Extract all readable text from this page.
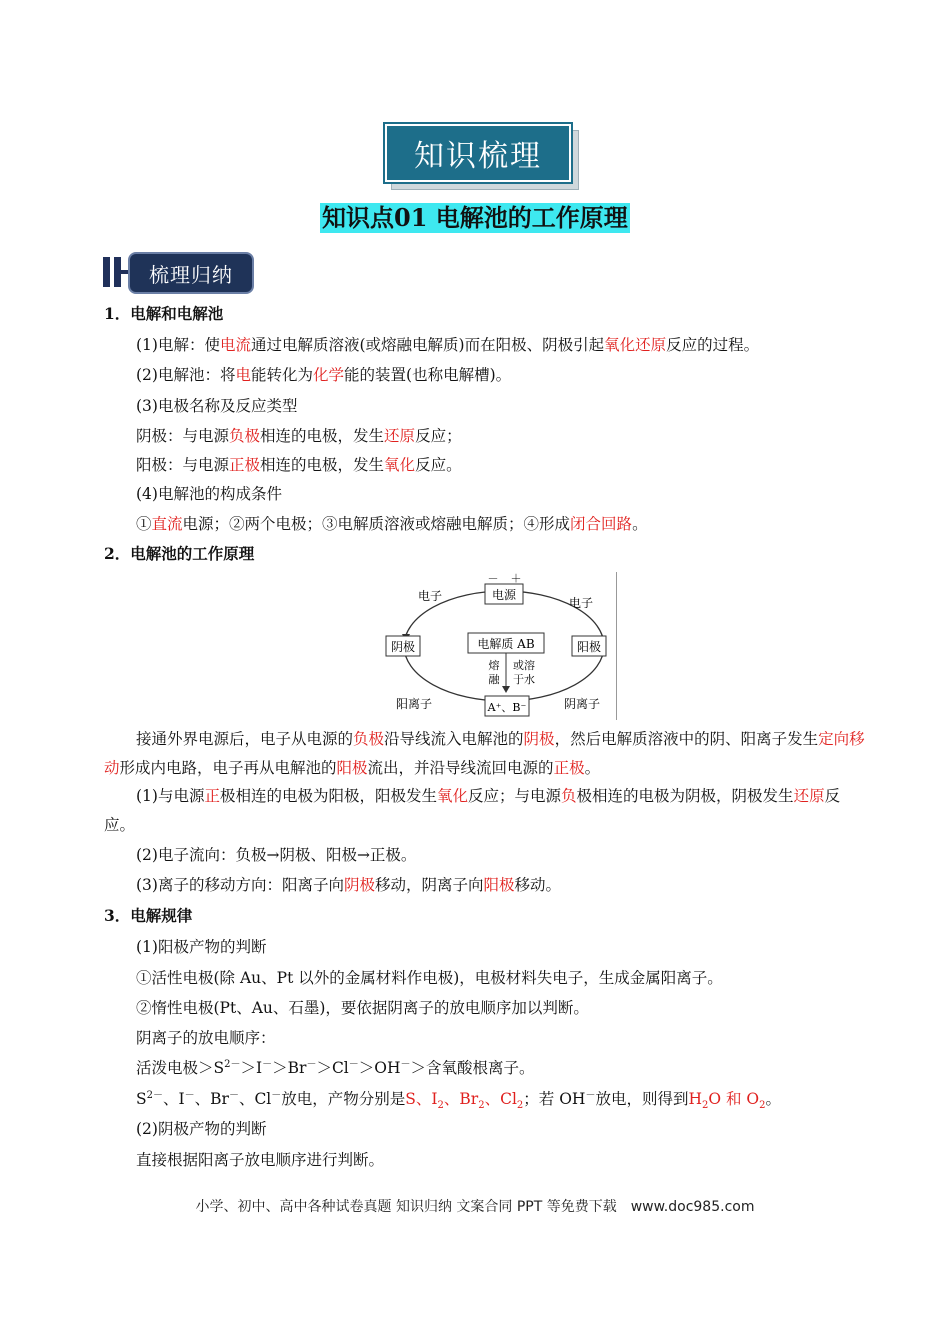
知识梳理
知识点01 电解池的工作原理
梳理归纳
1．电解和电解池
(1)电解：使电流通过电解质溶液(或熔融电解质)而在阳极、阴极引起氧化还原反应的过程。
(2)电解池：将电能转化为化学能的装置(也称电解槽)。
(3)电极名称及反应类型
阴极：与电源负极相连的电极，发生还原反应；
阳极：与电源正极相连的电极，发生氧化反应。
(4)电解池的构成条件
①直流电源；②两个电极；③电解质溶液或熔融电解质；④形成闭合回路。
2．电解池的工作原理
电源
－ ＋
电子	电子
阴极	阳极
电解质 AB
熔
融
或溶
于水
A⁺、B⁻
阳离子	阴离子
接通外界电源后，电子从电源的负极沿导线流入电解池的阴极，然后电解质溶液中的阴、阳离子发生定向移动形成内电路，电子再从电解池的阳极流出，并沿导线流回电源的正极。
(1)与电源正极相连的电极为阳极，阳极发生氧化反应；与电源负极相连的电极为阴极，阴极发生还原反应。
(2)电子流向：负极→阴极、阳极→正极。
(3)离子的移动方向：阳离子向阴极移动，阴离子向阳极移动。
3．电解规律
(1)阳极产物的判断
①活性电极(除 Au、Pt 以外的金属材料作电极)，电极材料失电子，生成金属阳离子。
②惰性电极(Pt、Au、石墨)，要依据阴离子的放电顺序加以判断。
阴离子的放电顺序：
活泼电极$>S^{2-}>I^->Br^->Cl^->OH^->$含氧酸根离子。
$S^{2-}$、I－、Br－、Cl－放电，产物分别是S、$I_2$、$Br_2$、$Cl_2$；若 OH－放电，则得到$H_2O$ 和 $O_2$。
(2)阴极产物的判断
直接根据阳离子放电顺序进行判断。
小学、初中、高中各种试卷真题 知识归纳 文案合同 PPT 等免费下载　www.doc985.com
